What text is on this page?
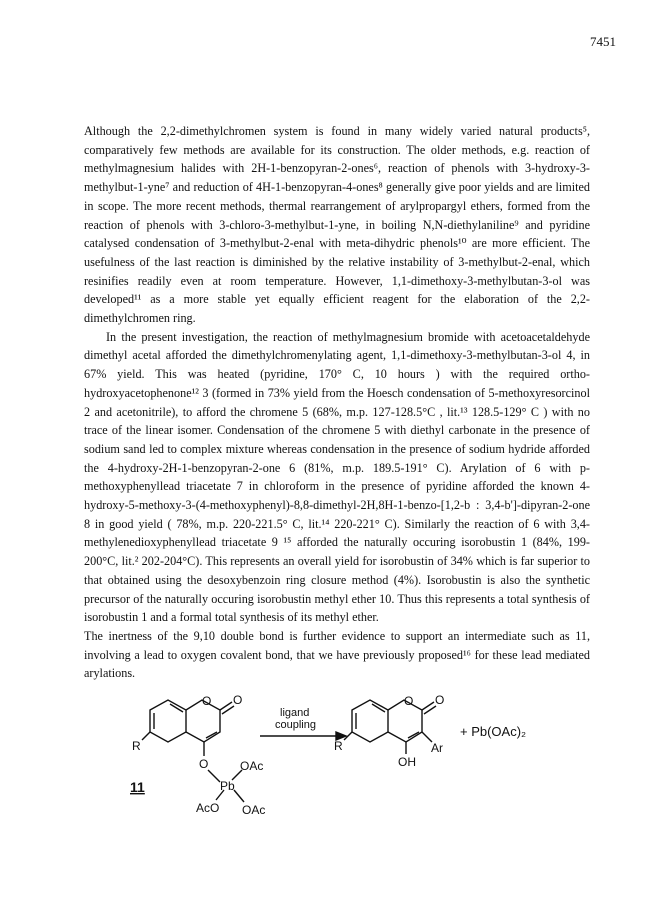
7451

Although the 2,2-dimethylchromen system is found in many widely varied natural products⁵, comparatively few methods are available for its construction. The older methods, e.g. reaction of methylmagnesium halides with 2H-1-benzopyran-2-ones⁶, reaction of phenols with 3-hydroxy-3-methylbut-1-yne⁷ and reduction of 4H-1-benzopyran-4-ones⁸ generally give poor yields and are limited in scope. The more recent methods, thermal rearrangement of arylpropargyl ethers, formed from the reaction of phenols with 3-chloro-3-methylbut-1-yne, in boiling N,N-diethylaniline⁹ and pyridine catalysed condensation of 3-methylbut-2-enal with meta-dihydric phenols¹⁰ are more efficient. The usefulness of the last reaction is diminished by the relative instability of 3-methylbut-2-enal, which resinifies readily even at room temperature. However, 1,1-dimethoxy-3-methylbutan-3-ol was developed¹¹ as a more stable yet equally efficient reagent for the elaboration of the 2,2-dimethylchromen ring.

In the present investigation, the reaction of methylmagnesium bromide with acetoacetaldehyde dimethyl acetal afforded the dimethylchromenylating agent, 1,1-dimethoxy-3-methylbutan-3-ol 4, in 67% yield. This was heated (pyridine, 170° C, 10 hours ) with the required ortho-hydroxyacetophenone¹² 3 (formed in 73% yield from the Hoesch condensation of 5-methoxyresorcinol 2 and acetonitrile), to afford the chromene 5 (68%, m.p. 127-128.5°C , lit.¹³ 128.5-129° C ) with no trace of the linear isomer. Condensation of the chromene 5 with diethyl carbonate in the presence of sodium sand led to complex mixture whereas condensation in the presence of sodium hydride afforded the 4-hydroxy-2H-1-benzopyran-2-one 6 (81%, m.p. 189.5-191° C). Arylation of 6 with p-methoxyphenyllead triacetate 7 in chloroform in the presence of pyridine afforded the known 4-hydroxy-5-methoxy-3-(4-methoxyphenyl)-8,8-dimethyl-2H,8H-1-benzo-[1,2-b : 3,4-b']-dipyran-2-one 8 in good yield ( 78%, m.p. 220-221.5° C, lit.¹⁴ 220-221° C). Similarly the reaction of 6 with 3,4-methylenedioxyphenyllead triacetate 9 ¹⁵ afforded the naturally occuring isorobustin 1 (84%, 199-200°C, lit.² 202-204°C). This represents an overall yield for isorobustin of 34% which is far superior to that obtained using the desoxybenzoin ring closure method (4%). Isorobustin is also the synthetic precursor of the naturally occuring isorobustin methyl ether 10. Thus this represents a total synthesis of isorobustin 1 and a formal total synthesis of its methyl ether.

The inertness of the 9,10 double bond is further evidence to support an intermediate such as 11, involving a lead to oxygen covalent bond, that we have previously proposed¹⁶ for these lead mediated arylations.

O O
R
O
Pb
OAc
AcO OAc
11
ligand
coupling
O O
R	Ar
OH
+ Pb(OAc)₂
